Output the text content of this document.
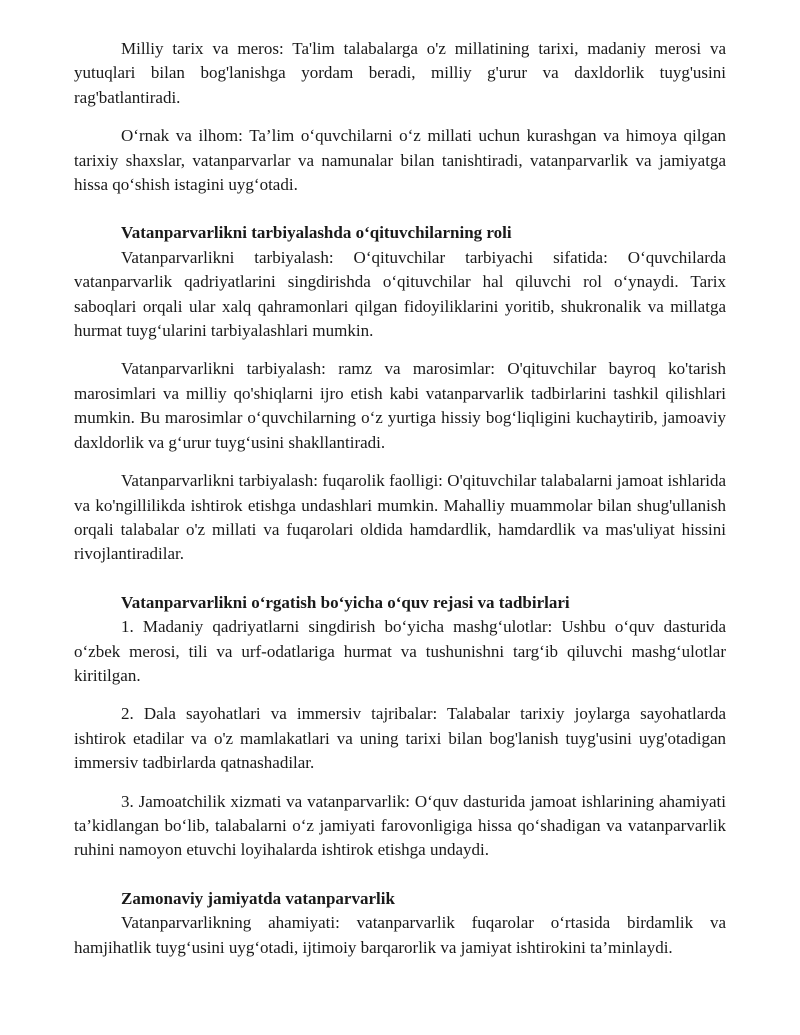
Milliy tarix va meros: Ta'lim talabalarga o'z millatining tarixi, madaniy merosi va yutuqlari bilan bog'lanishga yordam beradi, milliy g'urur va daxldorlik tuyg'usini rag'batlantiradi.

O‘rnak va ilhom: Ta’lim o‘quvchilarni o‘z millati uchun kurashgan va himoya qilgan tarixiy shaxslar, vatanparvarlar va namunalar bilan tanishtiradi, vatanparvarlik va jamiyatga hissa qo‘shish istagini uyg‘otadi.

Vatanparvarlikni tarbiyalashda o‘qituvchilarning roli

Vatanparvarlikni tarbiyalash: O‘qituvchilar tarbiyachi sifatida: O‘quvchilarda vatanparvarlik qadriyatlarini singdirishda o‘qituvchilar hal qiluvchi rol o‘ynaydi. Tarix saboqlari orqali ular xalq qahramonlari qilgan fidoyiliklarini yoritib, shukronalik va millatga hurmat tuyg‘ularini tarbiyalashlari mumkin.

Vatanparvarlikni tarbiyalash: ramz va marosimlar: O'qituvchilar bayroq ko'tarish marosimlari va milliy qo'shiqlarni ijro etish kabi vatanparvarlik tadbirlarini tashkil qilishlari mumkin. Bu marosimlar o‘quvchilarning o‘z yurtiga hissiy bog‘liqligini kuchaytirib, jamoaviy daxldorlik va g‘urur tuyg‘usini shakllantiradi.

Vatanparvarlikni tarbiyalash: fuqarolik faolligi: O'qituvchilar talabalarni jamoat ishlarida va ko'ngillilikda ishtirok etishga undashlari mumkin. Mahalliy muammolar bilan shug'ullanish orqali talabalar o'z millati va fuqarolari oldida hamdardlik, hamdardlik va mas'uliyat hissini rivojlantiradilar.

Vatanparvarlikni o‘rgatish bo‘yicha o‘quv rejasi va tadbirlari

1. Madaniy qadriyatlarni singdirish bo‘yicha mashg‘ulotlar: Ushbu o‘quv dasturida o‘zbek merosi, tili va urf-odatlariga hurmat va tushunishni targ‘ib qiluvchi mashg‘ulotlar kiritilgan.

2. Dala sayohatlari va immersiv tajribalar: Talabalar tarixiy joylarga sayohatlarda ishtirok etadilar va o'z mamlakatlari va uning tarixi bilan bog'lanish tuyg'usini uyg'otadigan immersiv tadbirlarda qatnashadilar.

3. Jamoatchilik xizmati va vatanparvarlik: O‘quv dasturida jamoat ishlarining ahamiyati ta’kidlangan bo‘lib, talabalarni o‘z jamiyati farovonligiga hissa qo‘shadigan va vatanparvarlik ruhini namoyon etuvchi loyihalarda ishtirok etishga undaydi.

Zamonaviy jamiyatda vatanparvarlik

Vatanparvarlikning ahamiyati: vatanparvarlik fuqarolar o‘rtasida birdamlik va hamjihatlik tuyg‘usini uyg‘otadi, ijtimoiy barqarorlik va jamiyat ishtirokini ta’minlaydi.
